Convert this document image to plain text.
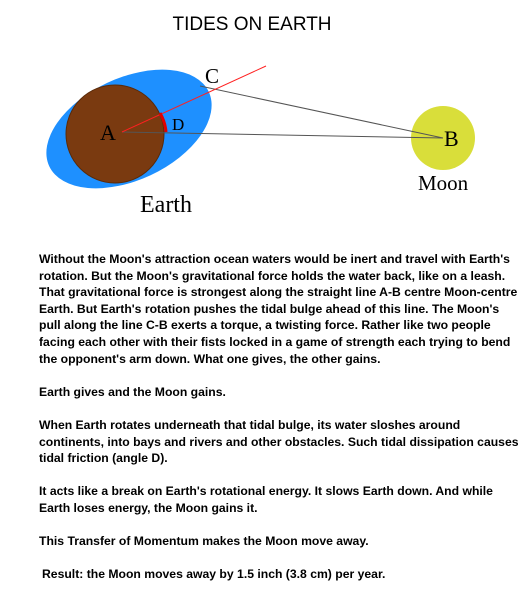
TIDES ON EARTH
A	D
C
B
Moon
Earth

Without the Moon's attraction ocean waters would be inert and travel with Earth's rotation. But the Moon's gravitational force holds the water back, like on a leash. That gravitational force is strongest along the straight line A-B centre Moon-centre Earth. But Earth's rotation pushes the tidal bulge ahead of this line. The Moon's pull along the line C-B exerts a torque, a twisting force. Rather like two people facing each other with their fists locked in a game of strength each trying to bend the opponent's arm down. What one gives, the other gains.

Earth gives and the Moon gains.

When Earth rotates underneath that tidal bulge, its water sloshes around continents, into bays and rivers and other obstacles. Such tidal dissipation causes tidal friction (angle D).

It acts like a break on Earth's rotational energy. It slows Earth down. And while Earth loses energy, the Moon gains it.

This Transfer of Momentum makes the Moon move away.

Result: the Moon moves away by 1.5 inch (3.8 cm) per year.
